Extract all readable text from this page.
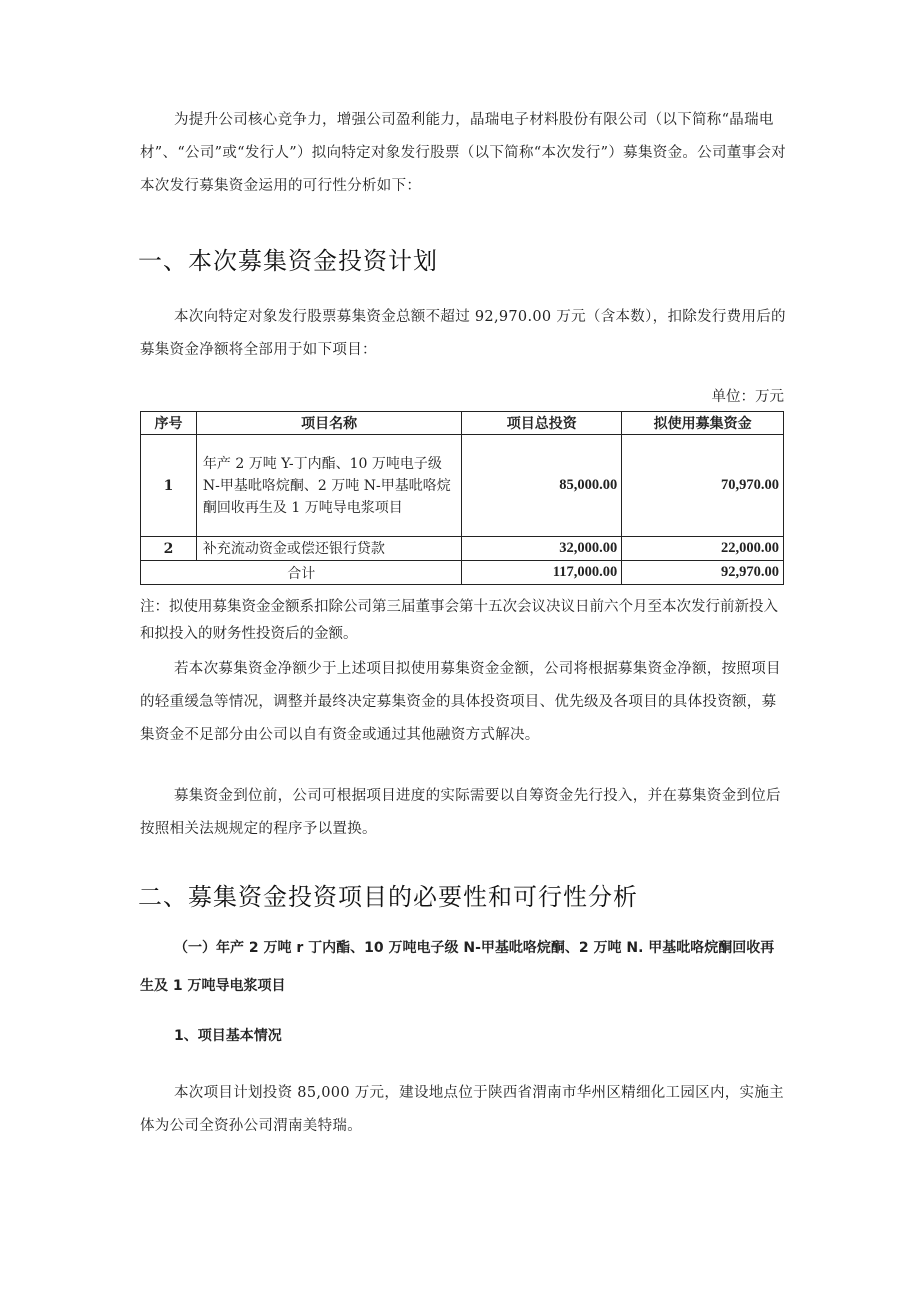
为提升公司核心竞争力，增强公司盈利能力，晶瑞电子材料股份有限公司（以下简称“晶瑞电材”、“公司”或“发行人”）拟向特定对象发行股票（以下简称“本次发行”）募集资金。公司董事会对本次发行募集资金运用的可行性分析如下：

一、本次募集资金投资计划

本次向特定对象发行股票募集资金总额不超过 92,970.00 万元（含本数），扣除发行费用后的募集资金净额将全部用于如下项目：

单位：万元
序号	项目名称	项目总投资	拟使用募集资金
1	年产 2 万吨 Y-丁内酯、10 万吨电子级 N-甲基吡咯烷酮、2 万吨 N-甲基吡咯烷酮回收再生及 1 万吨导电浆项目	85,000.00	70,970.00
2	补充流动资金或偿还银行贷款	32,000.00	22,000.00
合计		117,000.00	92,970.00

注：拟使用募集资金金额系扣除公司第三届董事会第十五次会议决议日前六个月至本次发行前新投入和拟投入的财务性投资后的金额。

若本次募集资金净额少于上述项目拟使用募集资金金额，公司将根据募集资金净额，按照项目的轻重缓急等情况，调整并最终决定募集资金的具体投资项目、优先级及各项目的具体投资额，募集资金不足部分由公司以自有资金或通过其他融资方式解决。

募集资金到位前，公司可根据项目进度的实际需要以自筹资金先行投入，并在募集资金到位后按照相关法规规定的程序予以置换。

二、募集资金投资项目的必要性和可行性分析
（一）年产 2 万吨 r 丁内酯、10 万吨电子级 N-甲基吡咯烷酮、2 万吨 N. 甲基吡咯烷酮回收再生及 1 万吨导电浆项目
1、项目基本情况

本次项目计划投资 85,000 万元，建设地点位于陕西省渭南市华州区精细化工园区内，实施主体为公司全资孙公司渭南美特瑞。
